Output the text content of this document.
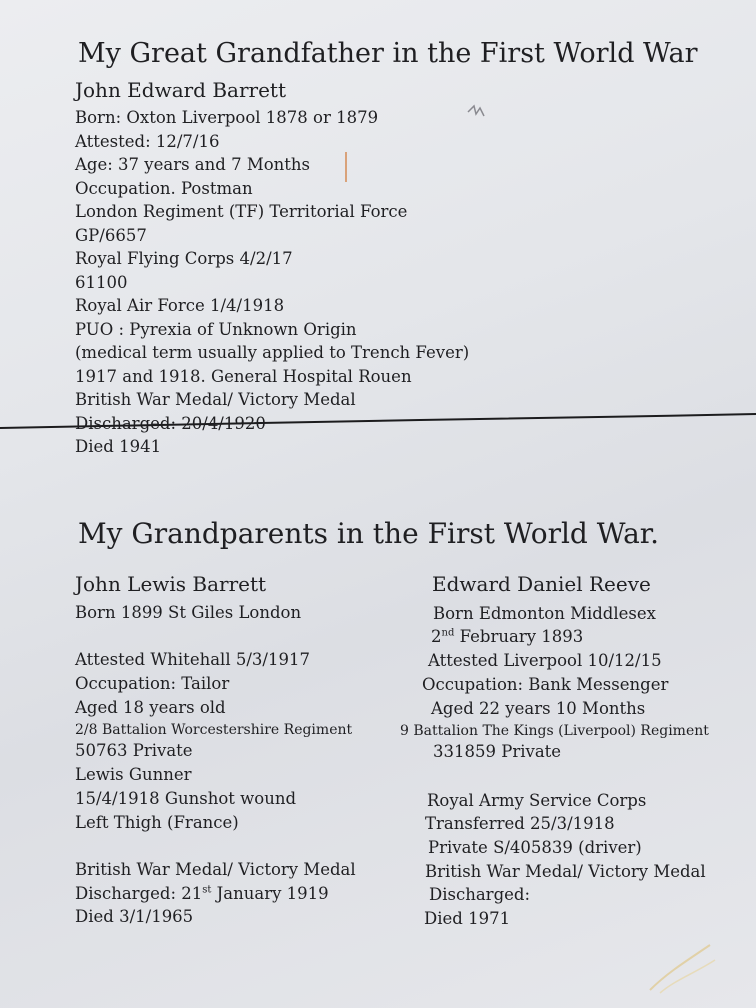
My Great Grandfather in the First World War
John Edward Barrett
Born: Oxton Liverpool 1878 or 1879
Attested: 12/7/16
Age: 37 years and 7 Months
Occupation. Postman
London Regiment (TF) Territorial Force
GP/6657
Royal Flying Corps 4/2/17
61100
Royal Air Force 1/4/1918
PUO : Pyrexia of Unknown Origin
(medical term usually applied to Trench Fever)
1917 and 1918. General Hospital Rouen
British War Medal/ Victory Medal
Discharged: 20/4/1920
Died 1941
My Grandparents in the First World War.
John Lewis Barrett
Born 1899 St Giles London
Attested Whitehall 5/3/1917
Occupation: Tailor
Aged 18 years old
2/8 Battalion Worcestershire Regiment
50763 Private
Lewis Gunner
15/4/1918 Gunshot wound
Left Thigh (France)
British War Medal/ Victory Medal
Discharged: 21st January 1919
Died 3/1/1965
Edward Daniel Reeve
Born Edmonton Middlesex
2nd February 1893
Attested Liverpool 10/12/15
Occupation: Bank Messenger
Aged 22 years 10 Months
9 Battalion The Kings (Liverpool) Regiment
331859 Private
Royal Army Service Corps
Transferred 25/3/1918
Private S/405839 (driver)
British War Medal/ Victory Medal
Discharged:
Died 1971
